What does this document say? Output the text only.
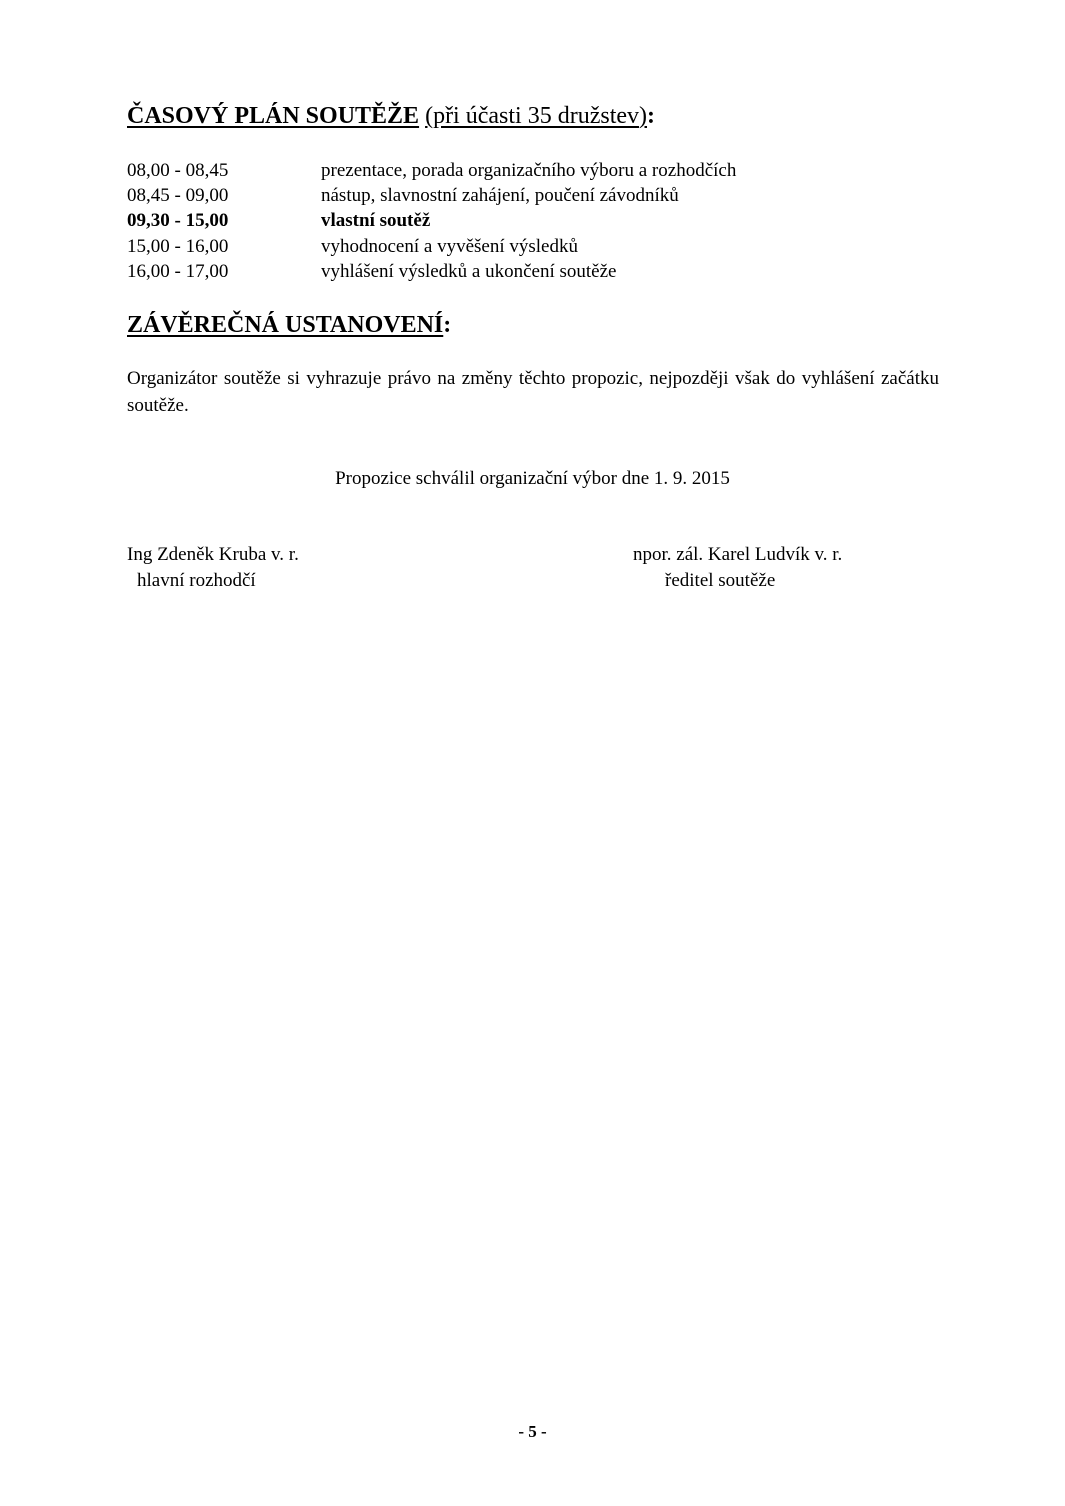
ČASOVÝ PLÁN SOUTĚŽE (při účasti 35 družstev):
08,00 - 08,45	prezentace, porada organizačního výboru a rozhodčích
08,45 - 09,00	nástup, slavnostní zahájení, poučení závodníků
09,30 - 15,00	vlastní soutěž
15,00 - 16,00	vyhodnocení a vyvěšení výsledků
16,00 - 17,00	vyhlášení výsledků a ukončení soutěže
ZÁVĚREČNÁ USTANOVENÍ:

Organizátor soutěže si vyhrazuje právo na změny těchto propozic, nejpozději však do vyhlášení začátku soutěže.

Propozice schválil organizační výbor dne 1. 9. 2015
Ing Zdeněk Kruba v. r.
hlavní rozhodčí
npor. zál. Karel Ludvík v. r.
ředitel soutěže
- 5 -
